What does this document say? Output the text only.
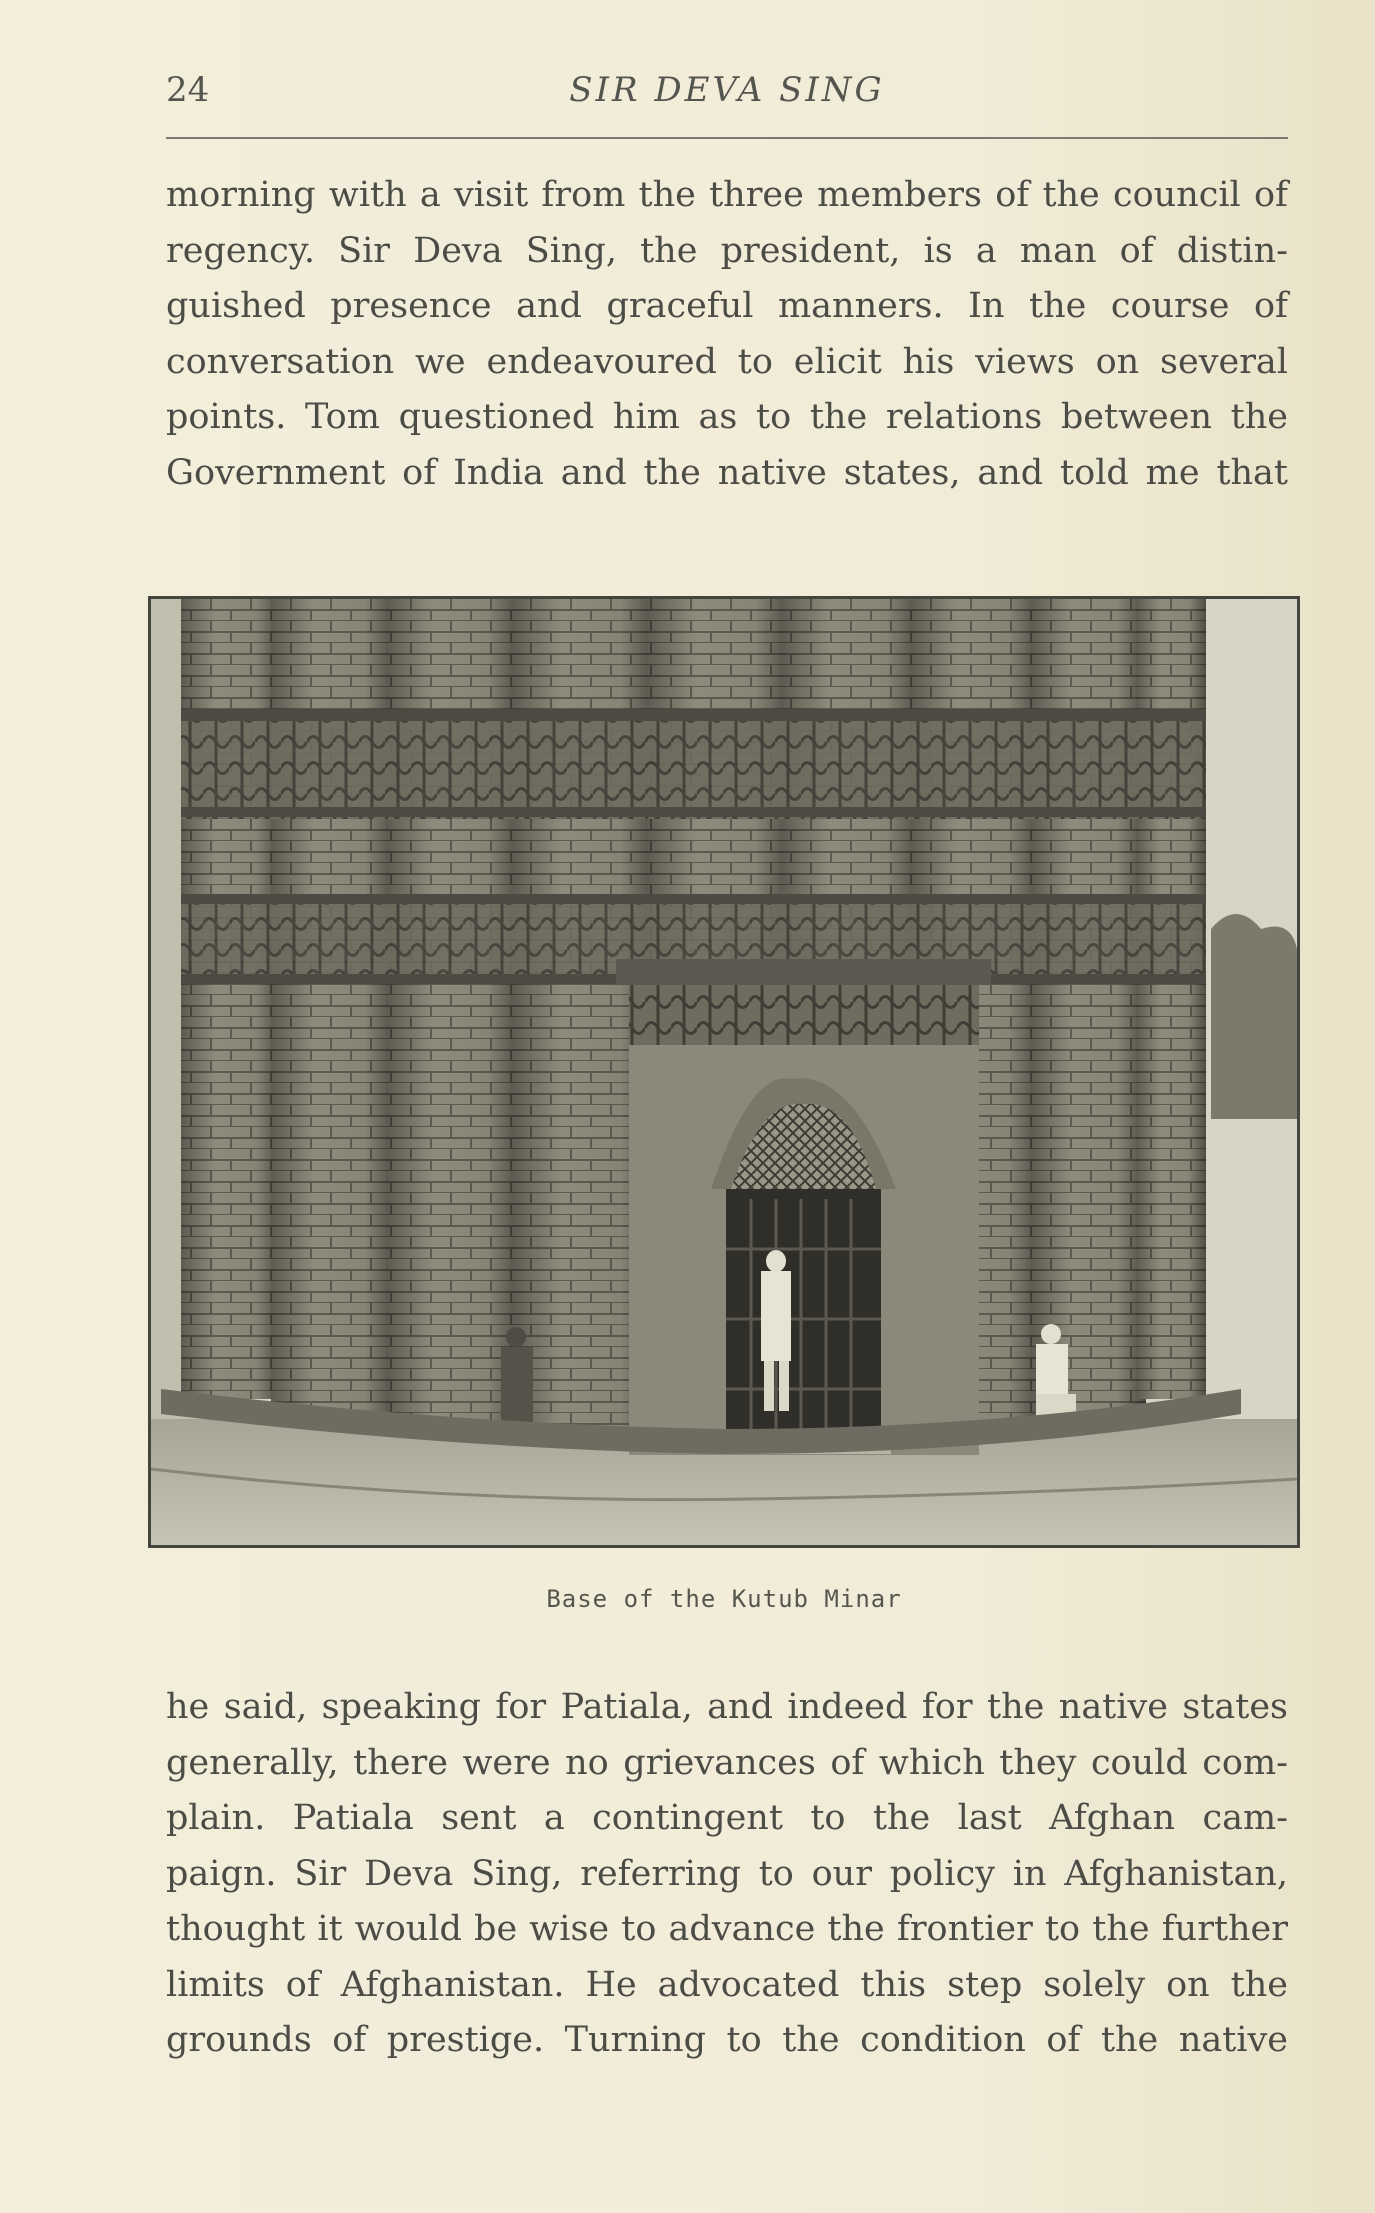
24	SIR DEVA SING
morning with a visit from the three members of the council of
regency. Sir Deva Sing, the president, is a man of distin-
guished presence and graceful manners. In the course of
conversation we endeavoured to elicit his views on several
points. Tom questioned him as to the relations between the
Government of India and the native states, and told me that
Base of the Kutub Minar
he said, speaking for Patiala, and indeed for the native states
generally, there were no grievances of which they could com-
plain. Patiala sent a contingent to the last Afghan cam-
paign. Sir Deva Sing, referring to our policy in Afghanistan,
thought it would be wise to advance the frontier to the further
limits of Afghanistan. He advocated this step solely on the
grounds of prestige. Turning to the condition of the native
